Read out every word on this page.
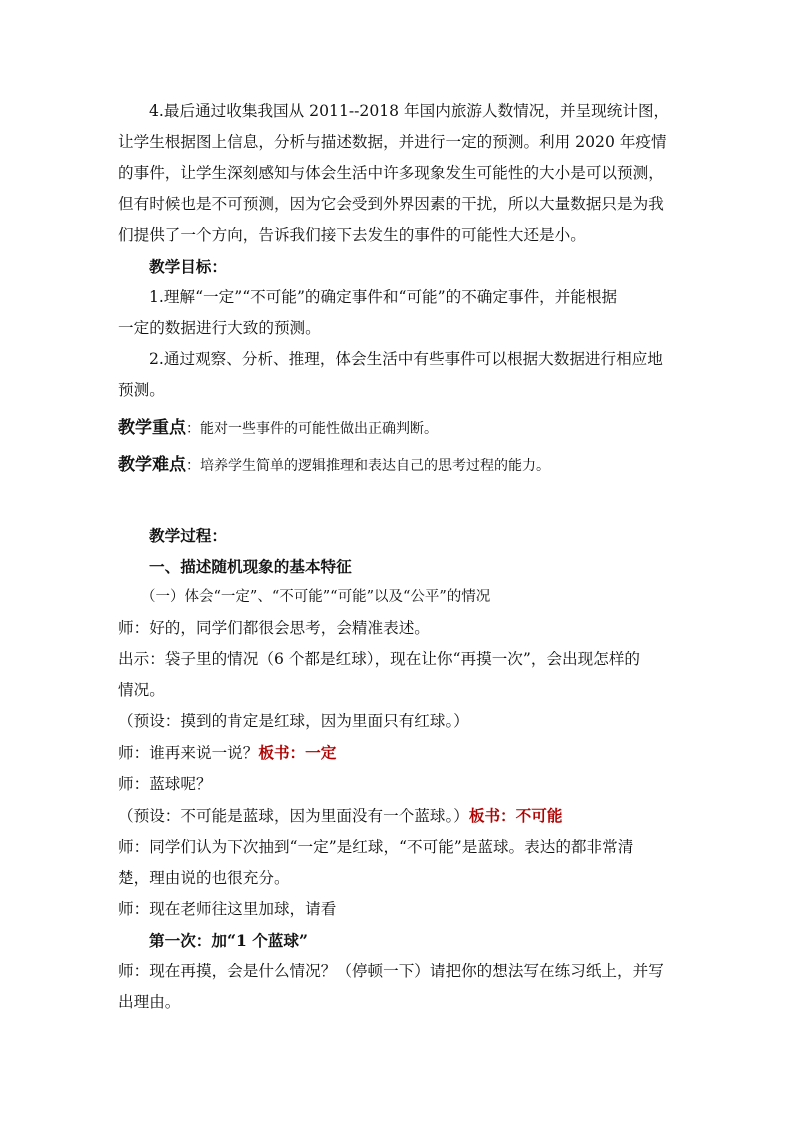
4.最后通过收集我国从 2011--2018 年国内旅游人数情况，并呈现统计图，

让学生根据图上信息，分析与描述数据，并进行一定的预测。利用 2020 年疫情

的事件，让学生深刻感知与体会生活中许多现象发生可能性的大小是可以预测，

但有时候也是不可预测，因为它会受到外界因素的干扰，所以大量数据只是为我

们提供了一个方向，告诉我们接下去发生的事件的可能性大还是小。

教学目标：

1.理解“一定”“不可能”的确定事件和“可能”的不确定事件，并能根据

一定的数据进行大致的预测。

2.通过观察、分析、推理，体会生活中有些事件可以根据大数据进行相应地

预测。

教学重点：能对一些事件的可能性做出正确判断。

教学难点：培养学生简单的逻辑推理和表达自己的思考过程的能力。

教学过程：

一、描述随机现象的基本特征

（一）体会“一定”、“不可能”“可能”以及“公平”的情况

师：好的，同学们都很会思考，会精准表述。

出示：袋子里的情况（6 个都是红球），现在让你“再摸一次”，会出现怎样的

情况。

（预设：摸到的肯定是红球，因为里面只有红球。）

师：谁再来说一说？板书：一定

师：蓝球呢？

（预设：不可能是蓝球，因为里面没有一个蓝球。）板书：不可能

师：同学们认为下次抽到“一定”是红球，“不可能”是蓝球。表达的都非常清

楚，理由说的也很充分。

师：现在老师往这里加球，请看

第一次：加“1 个蓝球”

师：现在再摸，会是什么情况？（停顿一下）请把你的想法写在练习纸上，并写

出理由。
